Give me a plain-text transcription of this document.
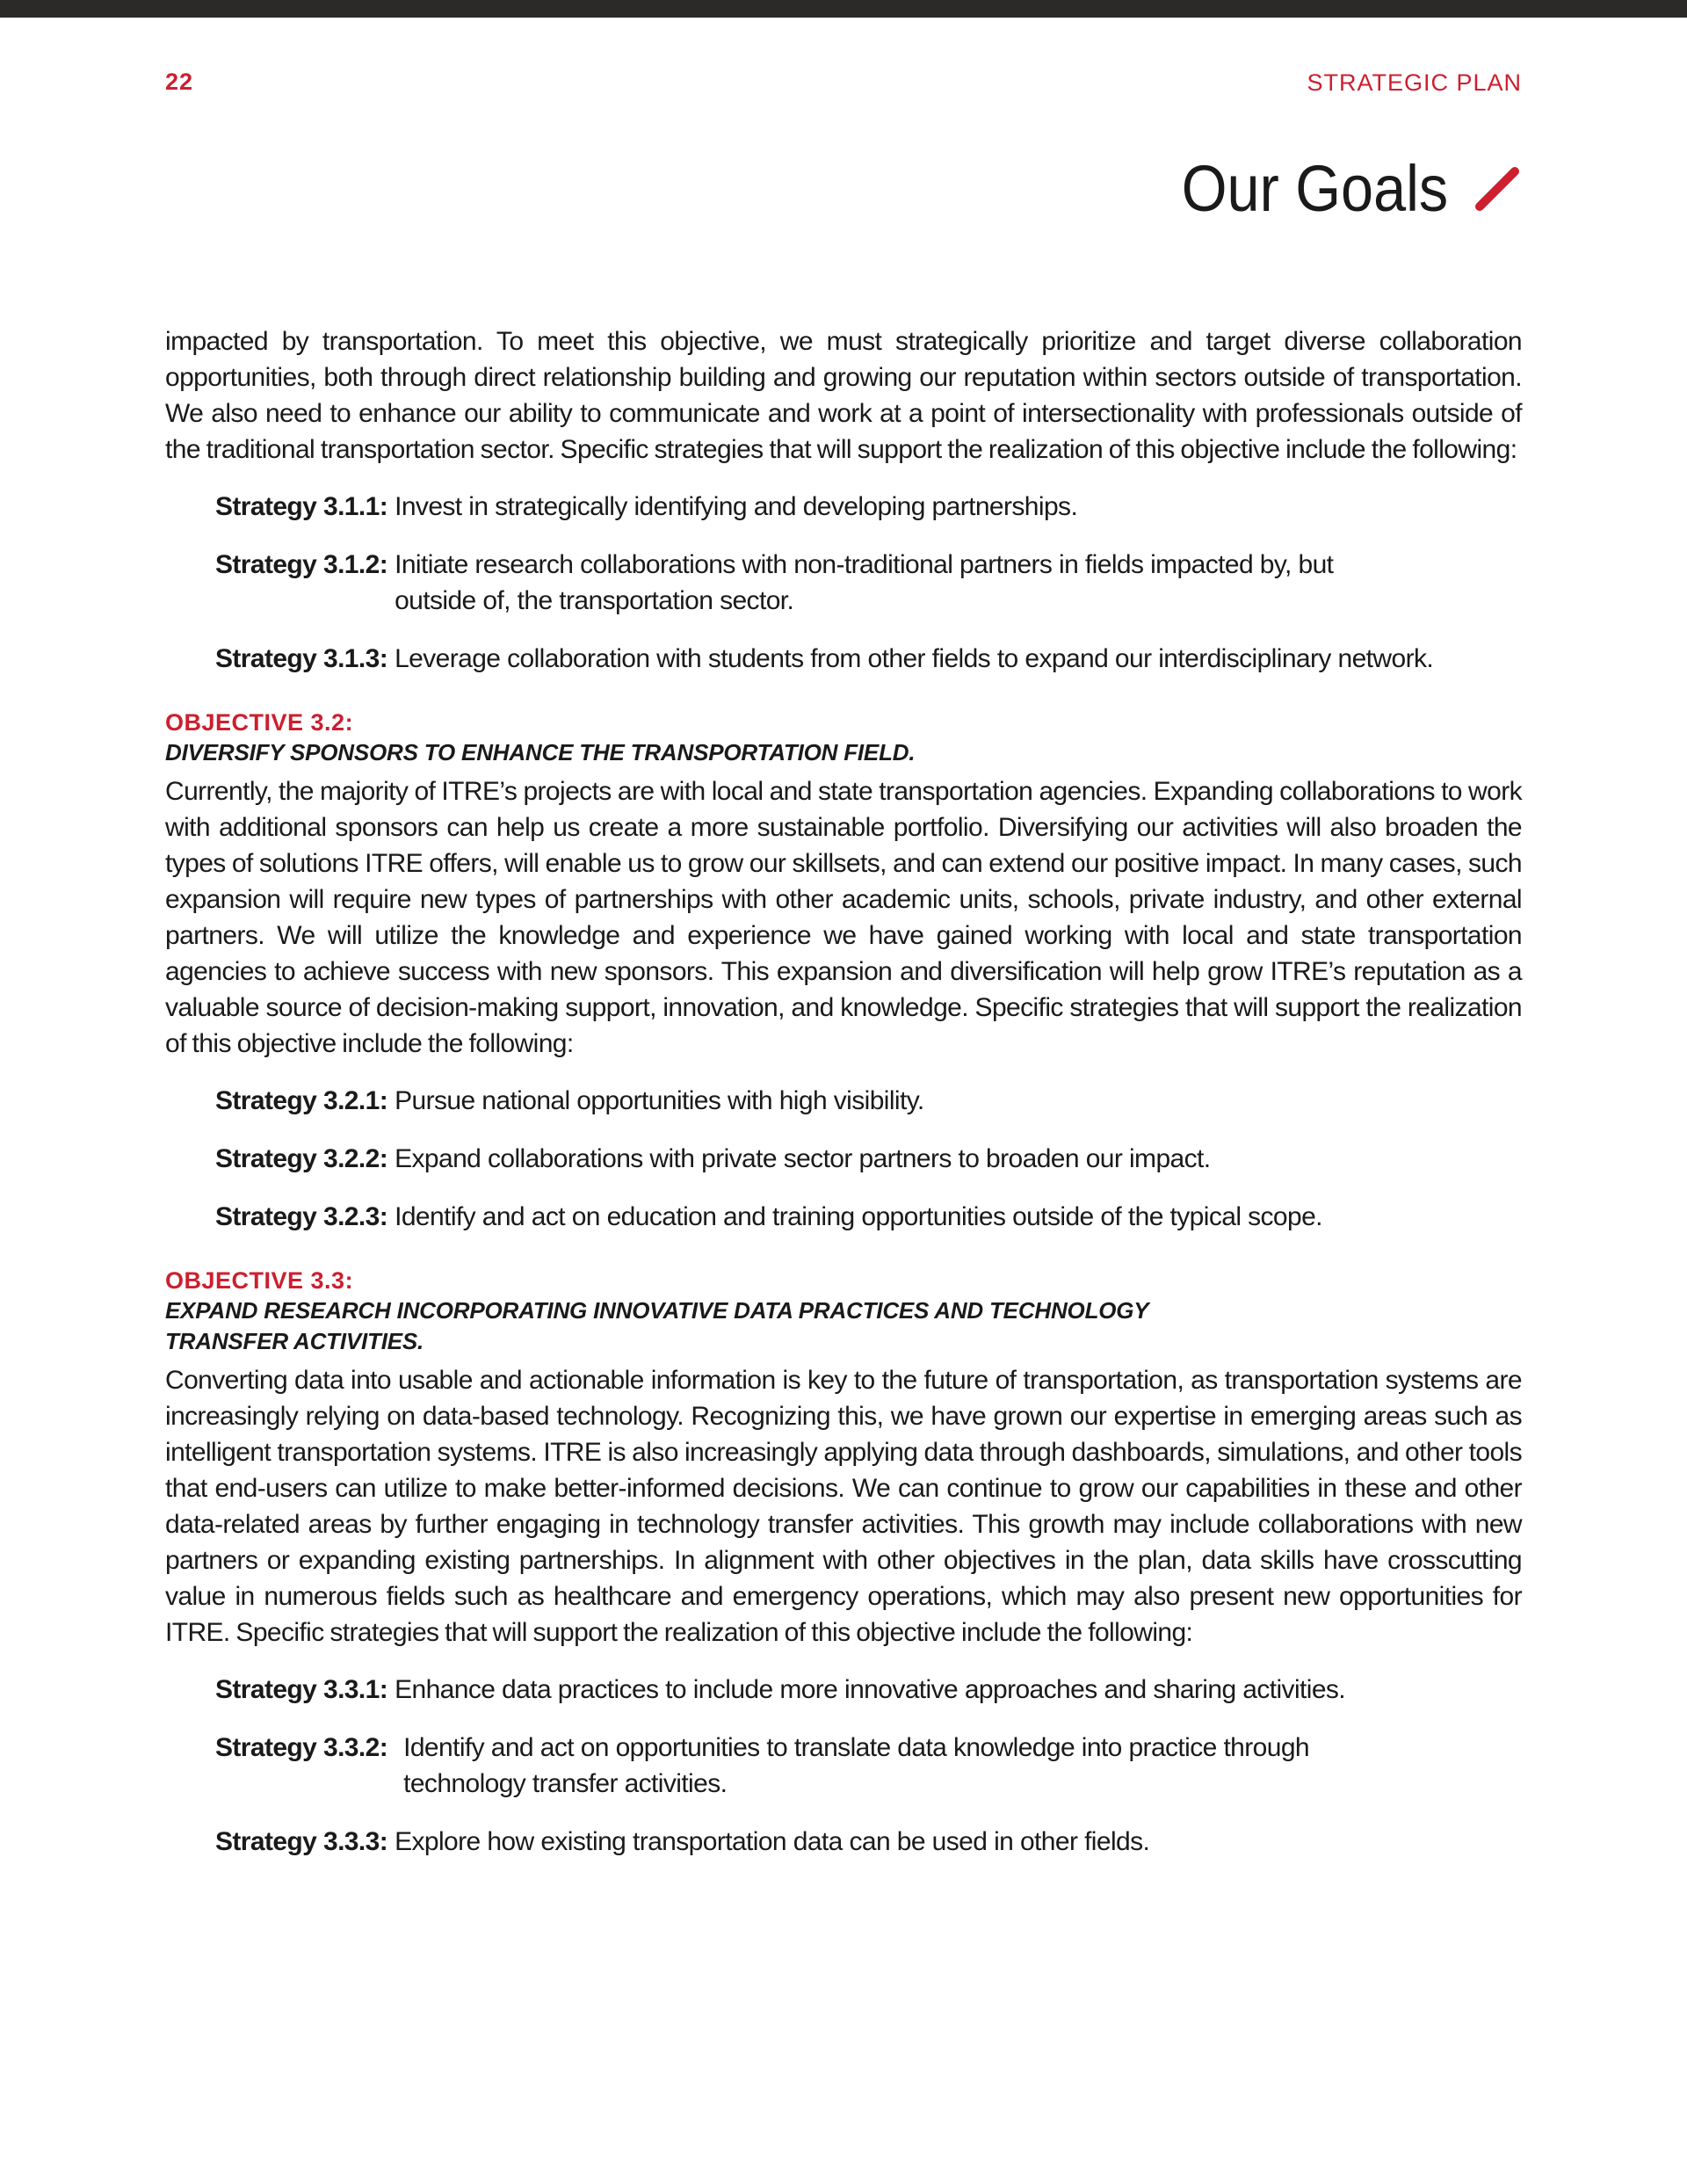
22	STRATEGIC PLAN
Our Goals

impacted by transportation. To meet this objective, we must strategically prioritize and target diverse collaboration opportunities, both through direct relationship building and growing our reputation within sectors outside of transportation. We also need to enhance our ability to communicate and work at a point of intersectionality with professionals outside of the traditional transportation sector. Specific strategies that will support the realization of this objective include the following:

Strategy 3.1.1: Invest in strategically identifying and developing partnerships.
Strategy 3.1.2: Initiate research collaborations with non-traditional partners in fields impacted by, but outside of, the transportation sector.
Strategy 3.1.3: Leverage collaboration with students from other fields to expand our interdisciplinary network.

OBJECTIVE 3.2:

DIVERSIFY SPONSORS TO ENHANCE THE TRANSPORTATION FIELD.

Currently, the majority of ITRE’s projects are with local and state transportation agencies. Expanding collaborations to work with additional sponsors can help us create a more sustainable portfolio. Diversifying our activities will also broaden the types of solutions ITRE offers, will enable us to grow our skillsets, and can extend our positive impact. In many cases, such expansion will require new types of partnerships with other academic units, schools, private industry, and other external partners. We will utilize the knowledge and experience we have gained working with local and state transportation agencies to achieve success with new sponsors. This expansion and diversification will help grow ITRE’s reputation as a valuable source of decision-making support, innovation, and knowledge. Specific strategies that will support the realization of this objective include the following:

Strategy 3.2.1: Pursue national opportunities with high visibility.
Strategy 3.2.2: Expand collaborations with private sector partners to broaden our impact.
Strategy 3.2.3: Identify and act on education and training opportunities outside of the typical scope.

OBJECTIVE 3.3:

EXPAND RESEARCH INCORPORATING INNOVATIVE DATA PRACTICES AND TECHNOLOGY
TRANSFER ACTIVITIES.

Converting data into usable and actionable information is key to the future of transportation, as transportation systems are increasingly relying on data-based technology. Recognizing this, we have grown our expertise in emerging areas such as intelligent transportation systems. ITRE is also increasingly applying data through dashboards, simulations, and other tools that end-users can utilize to make better-informed decisions. We can continue to grow our capabilities in these and other data-related areas by further engaging in technology transfer activities. This growth may include collaborations with new partners or expanding existing partnerships. In alignment with other objectives in the plan, data skills have crosscutting value in numerous fields such as healthcare and emergency operations, which may also present new opportunities for ITRE. Specific strategies that will support the realization of this objective include the following:

Strategy 3.3.1: Enhance data practices to include more innovative approaches and sharing activities.
Strategy 3.3.2: Identify and act on opportunities to translate data knowledge into practice through technology transfer activities.
Strategy 3.3.3: Explore how existing transportation data can be used in other fields.
